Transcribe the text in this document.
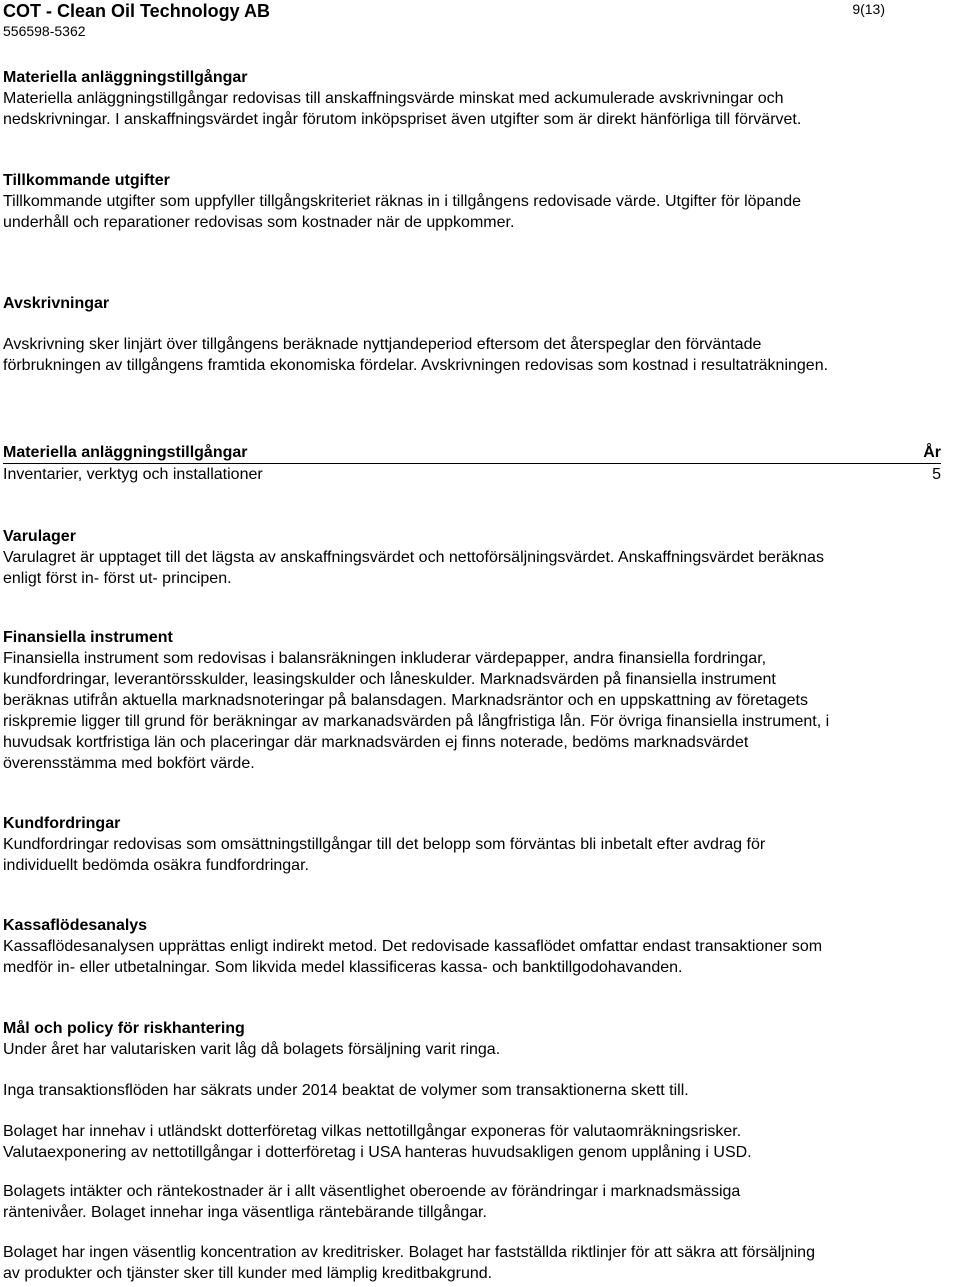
COT - Clean Oil Technology AB
556598-5362
9(13)
Materiella anläggningstillgångar
Materiella anläggningstillgångar redovisas till anskaffningsvärde minskat med ackumulerade avskrivningar och
nedskrivningar. I anskaffningsvärdet ingår förutom inköpspriset även utgifter som är direkt hänförliga till förvärvet.
Tillkommande utgifter
Tillkommande utgifter som uppfyller tillgångskriteriet räknas in i tillgångens redovisade värde. Utgifter för löpande
underhåll och reparationer redovisas som kostnader när de uppkommer.
Avskrivningar
Avskrivning sker linjärt över tillgångens beräknade nyttjandeperiod eftersom det återspeglar den förväntade
förbrukningen av tillgångens framtida ekonomiska fördelar. Avskrivningen redovisas som kostnad i resultaträkningen.
Materiella anläggningstillgångar	År
Inventarier, verktyg och installationer	5
Varulager
Varulagret är upptaget till det lägsta av anskaffningsvärdet och nettoförsäljningsvärdet. Anskaffningsvärdet beräknas
enligt först in- först ut- principen.
Finansiella instrument
Finansiella instrument som redovisas i balansräkningen inkluderar värdepapper, andra finansiella fordringar,
kundfordringar, leverantörsskulder, leasingskulder och låneskulder. Marknadsvärden på finansiella instrument
beräknas utifrån aktuella marknadsnoteringar på balansdagen. Marknadsräntor och en uppskattning av företagets
riskpremie ligger till grund för beräkningar av markanadsvärden på långfristiga lån. För övriga finansiella instrument, i
huvudsak kortfristiga län och placeringar där marknadsvärden ej finns noterade, bedöms marknadsvärdet
överensstämma med bokfört värde.
Kundfordringar
Kundfordringar redovisas som omsättningstillgångar till det belopp som förväntas bli inbetalt efter avdrag för
individuellt bedömda osäkra fundfordringar.
Kassaflödesanalys
Kassaflödesanalysen upprättas enligt indirekt metod. Det redovisade kassaflödet omfattar endast transaktioner som
medför in- eller utbetalningar. Som likvida medel klassificeras kassa- och banktillgodohavanden.
Mål och policy för riskhantering
Under året har valutarisken varit låg då bolagets försäljning varit ringa.
Inga transaktionsflöden har säkrats under 2014 beaktat de volymer som transaktionerna skett till.
Bolaget har innehav i utländskt dotterföretag vilkas nettotillgångar exponeras för valutaomräkningsrisker.
Valutaexponering av nettotillgångar i dotterföretag i USA hanteras huvudsakligen genom upplåning i USD.
Bolagets intäkter och räntekostnader är i allt väsentlighet oberoende av förändringar i marknadsmässiga
räntenivåer. Bolaget innehar inga väsentliga räntebärande tillgångar.
Bolaget har ingen väsentlig koncentration av kreditrisker. Bolaget har fastställda riktlinjer för att säkra att försäljning
av produkter och tjänster sker till kunder med lämplig kreditbakgrund.
